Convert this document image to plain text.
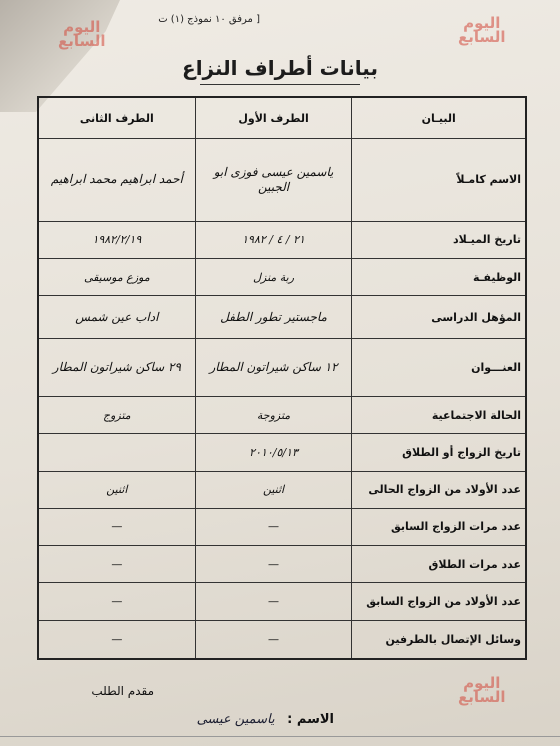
[ مرفق ١٠ نموذج (١) ت	اليوم
السابع
اليوم
السابع
اليوم
السابع
بيانات أطراف النزاع
البيـان	الطرف الأول	الطرف الثانى
الاسم كامـلاً	ياسمين عيسى فوزى ابو الجبين	أحمد ابراهيم محمد ابراهيم
تاريخ الميـلاد	٢١ / ٤ / ١٩٨٢	١٩٨٢/٢/١٩
الوظيفـة	ربة منزل	موزع موسيقى
المؤهل الدراسى	ماجستير تطور الطفل	اداب عين شمس
العنـــوان	١٢ ساكن شيراتون المطار	٢٩ ساكن شيراتون المطار
الحالة الاجتماعية	متزوجة	متزوج
تاريخ الزواج أو الطلاق	٢٠١٠/٥/١٣	
عدد الأولاد من الزواج الحالى	اثنين	اثنين
عدد مرات الزواج السابق	—	—
عدد مرات الطلاق	—	—
عدد الأولاد من الزواج السابق	—	—
وسائل الإتصال بالطرفين	—	—
مقدم الطلب
الاسم : ياسمين عيسى
